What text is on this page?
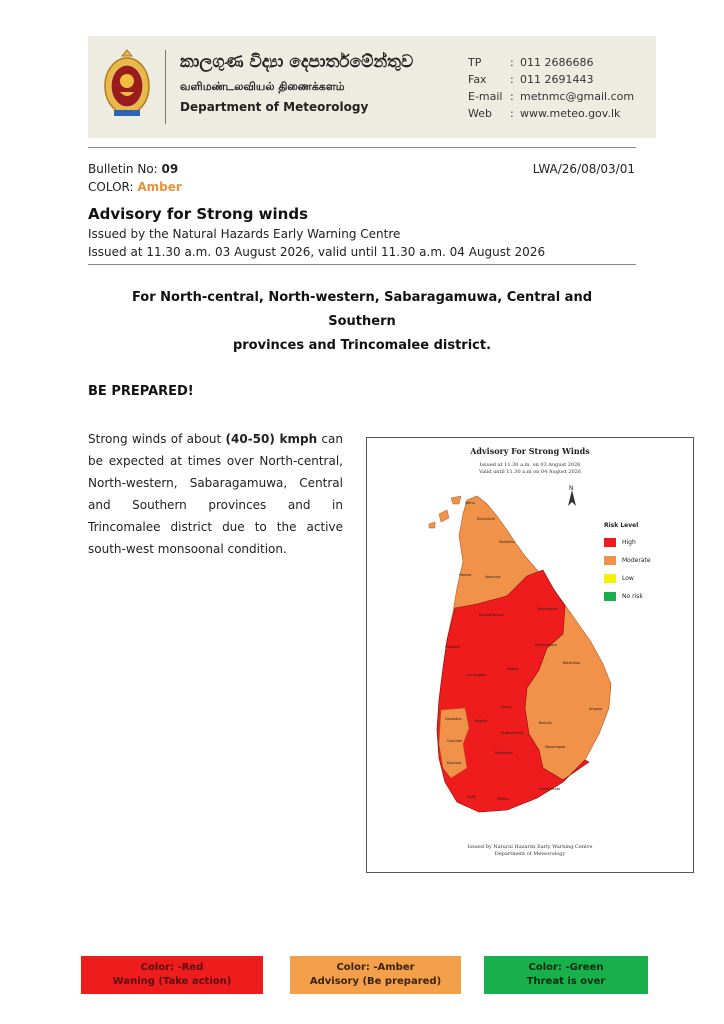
කාලගුණ විද්‍යා දෙපාර්තමේන්තුව
வளிமண்டலவியல் திணைக்களம்
Department of Meteorology
TP	: 011 2686686
Fax	: 011 2691443
E-mail : metnmc@gmail.com
Web	: www.meteo.gov.lk
Bulletin No: 09	LWA/26/08/03/01
COLOR: Amber
Advisory for Strong winds
Issued by the Natural Hazards Early Warning Centre
Issued at 11.30 a.m. 03 August 2026, valid until 11.30 a.m. 04 August 2026
For North-central, North-western, Sabaragamuwa, Central and Southern
provinces and Trincomalee district.
BE PREPARED!
Strong winds of about (40-50) kmph can be expected at times over North-central, North-western, Sabaragamuwa, Central and Southern provinces and in Trincomalee district due to the active south-west monsoonal condition.
Advisory For Strong Winds
Issued at 11.30 a.m. on 03 August 2026
Valid until 11.30 a.m on 04 August 2026
Jaffna
Kilinochchi
Mullaitivu
Mannar	Vavuniya
Trincomalee
Anuradhapura
Puttalam	Polonnaruwa
Kurunegala
Matale
Batticaloa
Gampaha
Kandy
Kegalle
Ampara
Colombo
Nuwara Eliya
Badulla
Ratnapura
Kalutara
Monaragala
Galle	Matara
Hambantota
N
Risk Level
High
Moderate
Low
No risk
Issued by Natural Hazards Early Warning Centre
Department of Meteorology
Color: -Red
Waning (Take action)
Color: -Amber
Advisory (Be prepared)
Color: -Green
Threat is over
